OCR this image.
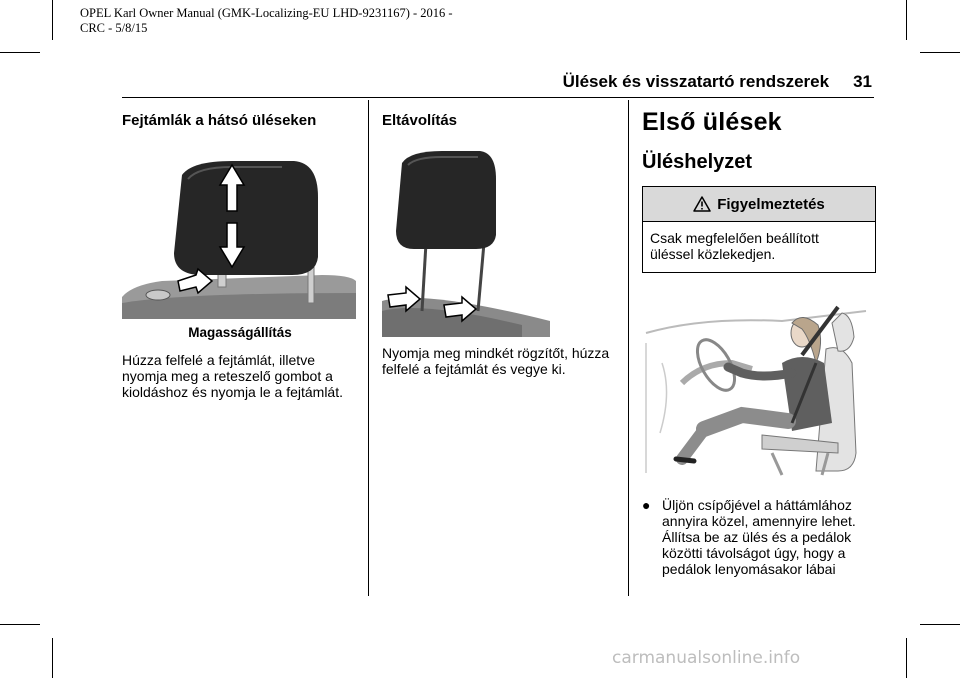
OPEL Karl Owner Manual (GMK-Localizing-EU LHD-9231167) - 2016 -
CRC - 5/8/15
Ülések és visszatartó rendszerek 31
Fejtámlák a hátsó üléseken
Magasságállítás

Húzza felfelé a fejtámlát, illetve
nyomja meg a reteszelő gombot a
kioldáshoz és nyomja le a fejtámlát.

Eltávolítás

Nyomja meg mindkét rögzítőt, húzza
felfelé a fejtámlát és vegye ki.

Első ülések
Üléshelyzet
Figyelmeztetés
Csak megfelelően beállított
üléssel közlekedjen.
● Üljön csípőjével a háttámlához
annyira közel, amennyire lehet.
Állítsa be az ülés és a pedálok
közötti távolságot úgy, hogy a
pedálok lenyomásakor lábai
carmanualsonline.info
